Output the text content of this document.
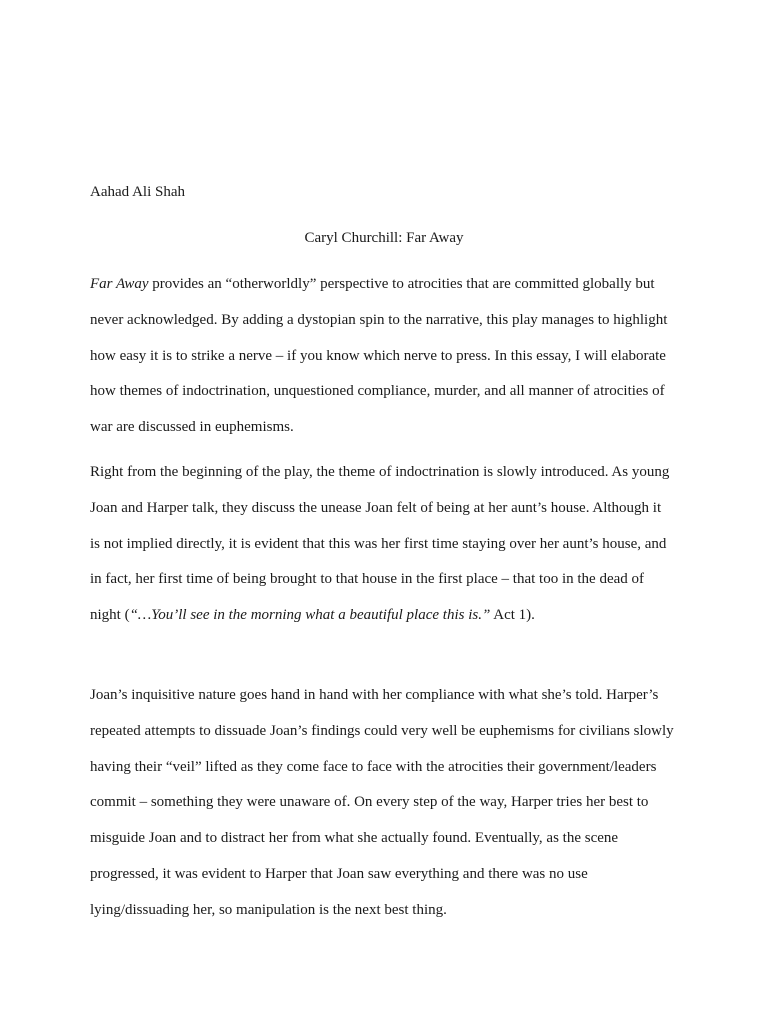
Aahad Ali Shah
Caryl Churchill: Far Away
Far Away provides an “otherworldly” perspective to atrocities that are committed globally but
never acknowledged. By adding a dystopian spin to the narrative, this play manages to highlight
how easy it is to strike a nerve – if you know which nerve to press. In this essay, I will elaborate
how themes of indoctrination, unquestioned compliance, murder, and all manner of atrocities of
war are discussed in euphemisms.
Right from the beginning of the play, the theme of indoctrination is slowly introduced. As young
Joan and Harper talk, they discuss the unease Joan felt of being at her aunt’s house. Although it
is not implied directly, it is evident that this was her first time staying over her aunt’s house, and
in fact, her first time of being brought to that house in the first place – that too in the dead of
night (“…You’ll see in the morning what a beautiful place this is.” Act 1).
Joan’s inquisitive nature goes hand in hand with her compliance with what she’s told. Harper’s
repeated attempts to dissuade Joan’s findings could very well be euphemisms for civilians slowly
having their “veil” lifted as they come face to face with the atrocities their government/leaders
commit – something they were unaware of. On every step of the way, Harper tries her best to
misguide Joan and to distract her from what she actually found. Eventually, as the scene
progressed, it was evident to Harper that Joan saw everything and there was no use
lying/dissuading her, so manipulation is the next best thing.
